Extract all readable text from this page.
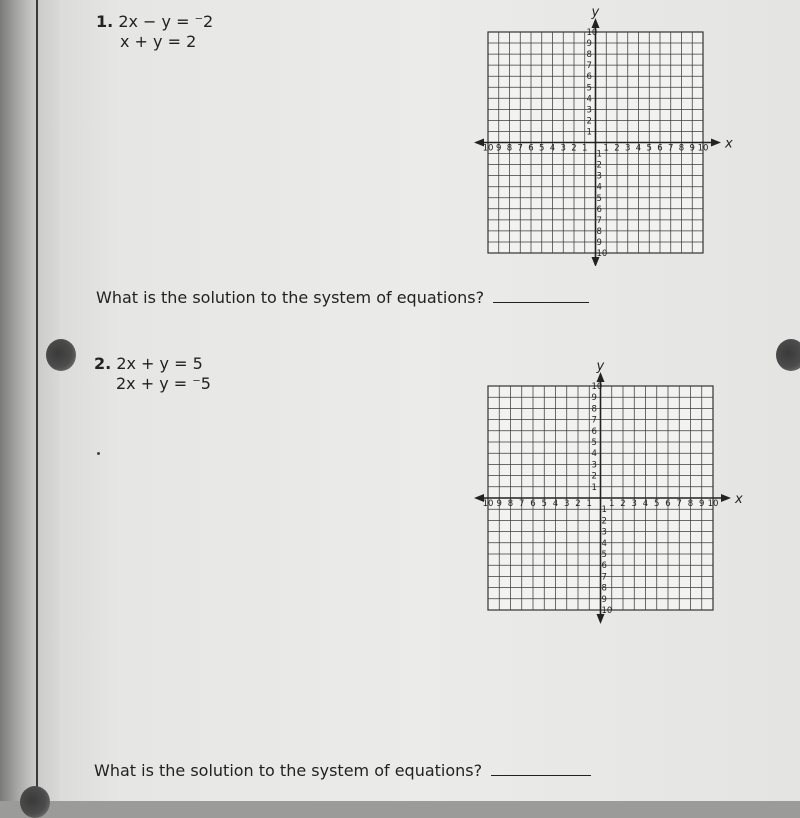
1. 2x − y = ⁻2
x + y = 2
x
y
10
10
9
9
8
8
7
7
6
6
5
5
4
4
3
3
2
2
1
1
1
1
2
2
3
3
4
4
5
5
6
6
7
7
8
8
9
9
10
10
What is the solution to the system of equations?
2. 2x + y = 5
2x + y = ⁻5
x
y
10
10
9
9
8
8
7
7
6
6
5
5
4
4
3
3
2
2
1
1
1
1
2
2
3
3
4
4
5
5
6
6
7
7
8
8
9
9
10
10
What is the solution to the system of equations?
